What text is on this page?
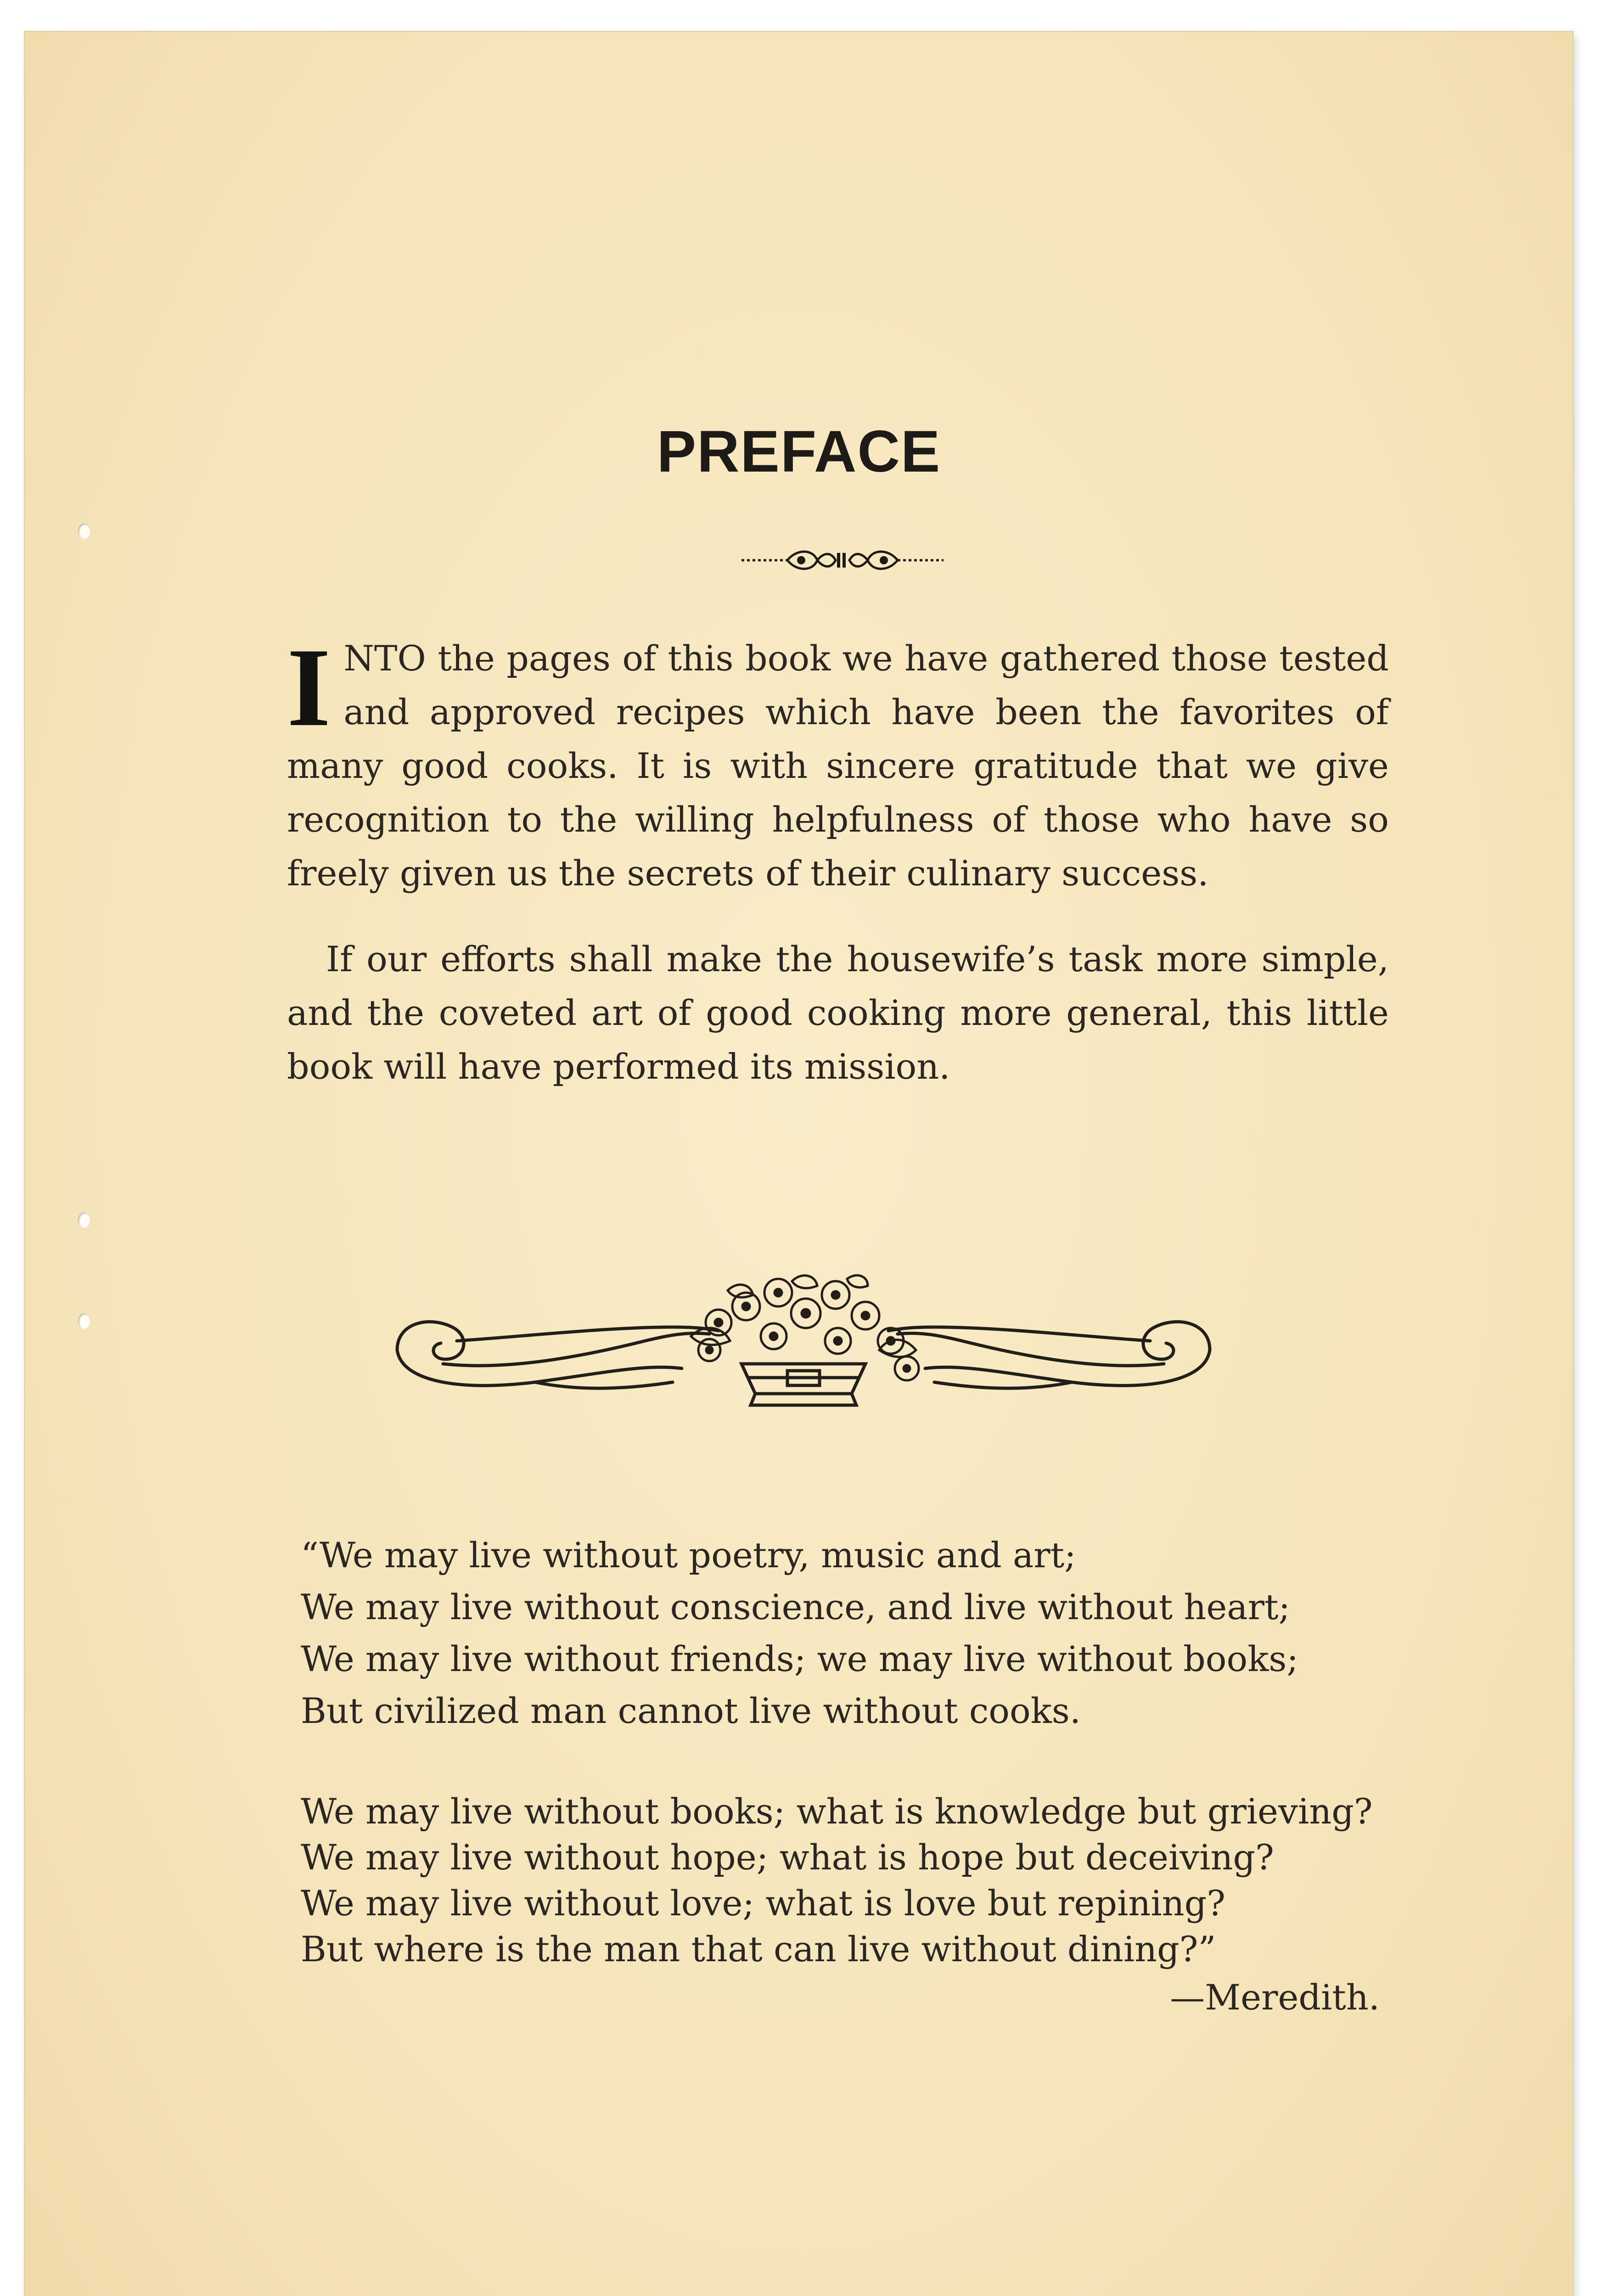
PREFACE

INTO the pages of this book we have gathered those tested and approved recipes which have been the favorites of many good cooks. It is with sincere gratitude that we give recognition to the willing helpfulness of those who have so freely given us the secrets of their culinary success.

If our efforts shall make the housewife’s task more simple, and the coveted art of good cooking more general, this little book will have performed its mission.

“We may live without poetry, music and art;
We may live without conscience, and live without heart;
We may live without friends; we may live without books;
But civilized man cannot live without cooks.
We may live without books; what is knowledge but grieving?
We may live without hope; what is hope but deceiving?
We may live without love; what is love but repining?
But where is the man that can live without dining?”
—Meredith.
